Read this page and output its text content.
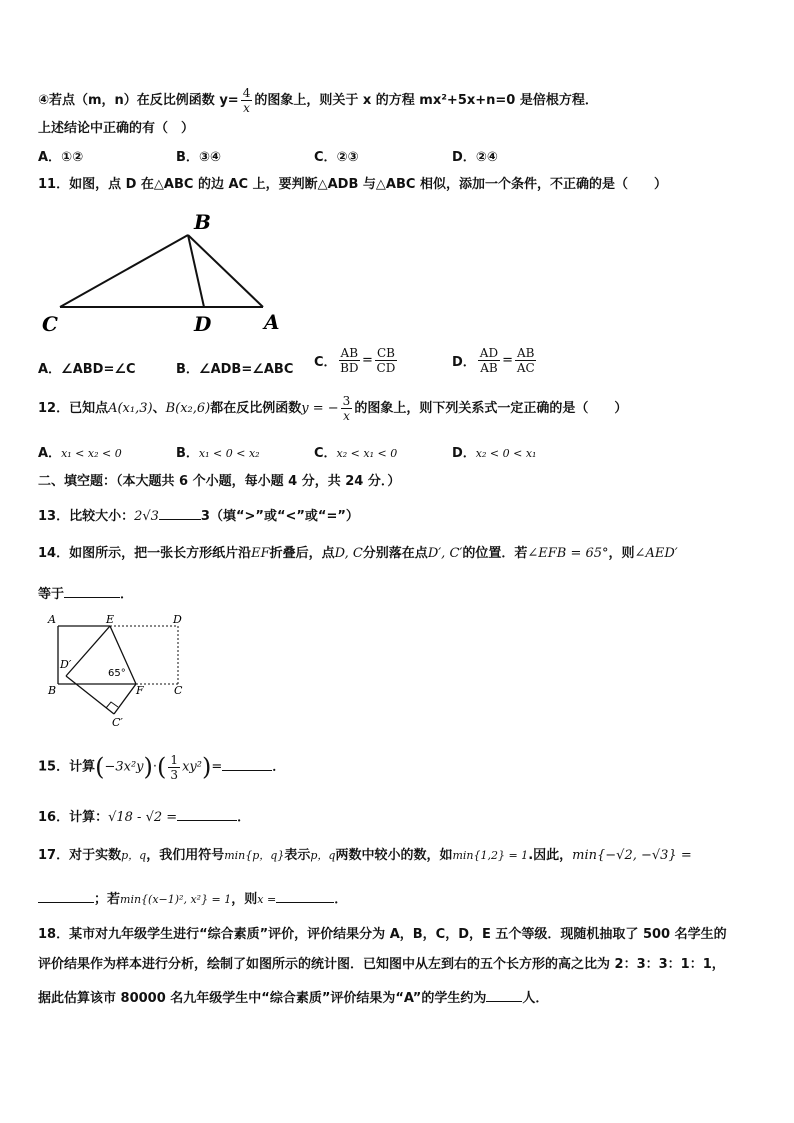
④若点（m，n）在反比例函数 $y= \frac{4}{x}$ 的图象上，则关于 x 的方程 mx²+5x+n=0 是倍根方程．
上述结论中正确的有（　）
A．①②	B．③④	C．②③	D．②④
11．如图，点 D 在△ABC 的边 AC 上，要判断△ADB 与△ABC 相似，添加一个条件，不正确的是（　　）
B
C	D	A
A．∠ABD=∠C	B．∠ADB=∠ABC C． $\frac{AB}{BD} = \frac{CB}{CD}$	D． $\frac{AD}{AB} = \frac{AB}{AC}$
12．已知点A(x₁,3)、B(x₂,6)都在反比例函数y = − $\frac{3}{x}$ 的图象上，则下列关系式一定正确的是（　　）
A．x₁ < x₂ < 0	B．x₁ < 0 < x₂	C．x₂ < x₁ < 0	D．x₂ < 0 < x₁
二、填空题：（本大题共 6 个小题，每小题 4 分，共 24 分．）
13．比较大小：2√3	3（填“>”或“<”或“=”）
14．如图所示，把一张长方形纸片沿EF折叠后，点D, C分别落在点D′, C′的位置．若∠EFB = 65°，则∠AED′
等于	．
A	E	D
D′
B	F	C
C′
65°
15．计算$(-3x^2y)\cdot( \frac{1}{3} xy^2)=$	．
16．计算：√18 - √2 =	．
17．对于实数p，q，我们用符号min{p，q}表示p，q两数中较小的数，如min{1,2} = 1.因此，min{−√2, −√3} =
；若min{(x−1)², x²} = 1，则x =	．
18．某市对九年级学生进行“综合素质”评价，评价结果分为 A，B，C，D，E 五个等级．现随机抽取了 500 名学生的
评价结果作为样本进行分析，绘制了如图所示的统计图．已知图中从左到右的五个长方形的高之比为 2：3：3：1：1，
据此估算该市 80000 名九年级学生中“综合素质”评价结果为“A”的学生约为	人．
